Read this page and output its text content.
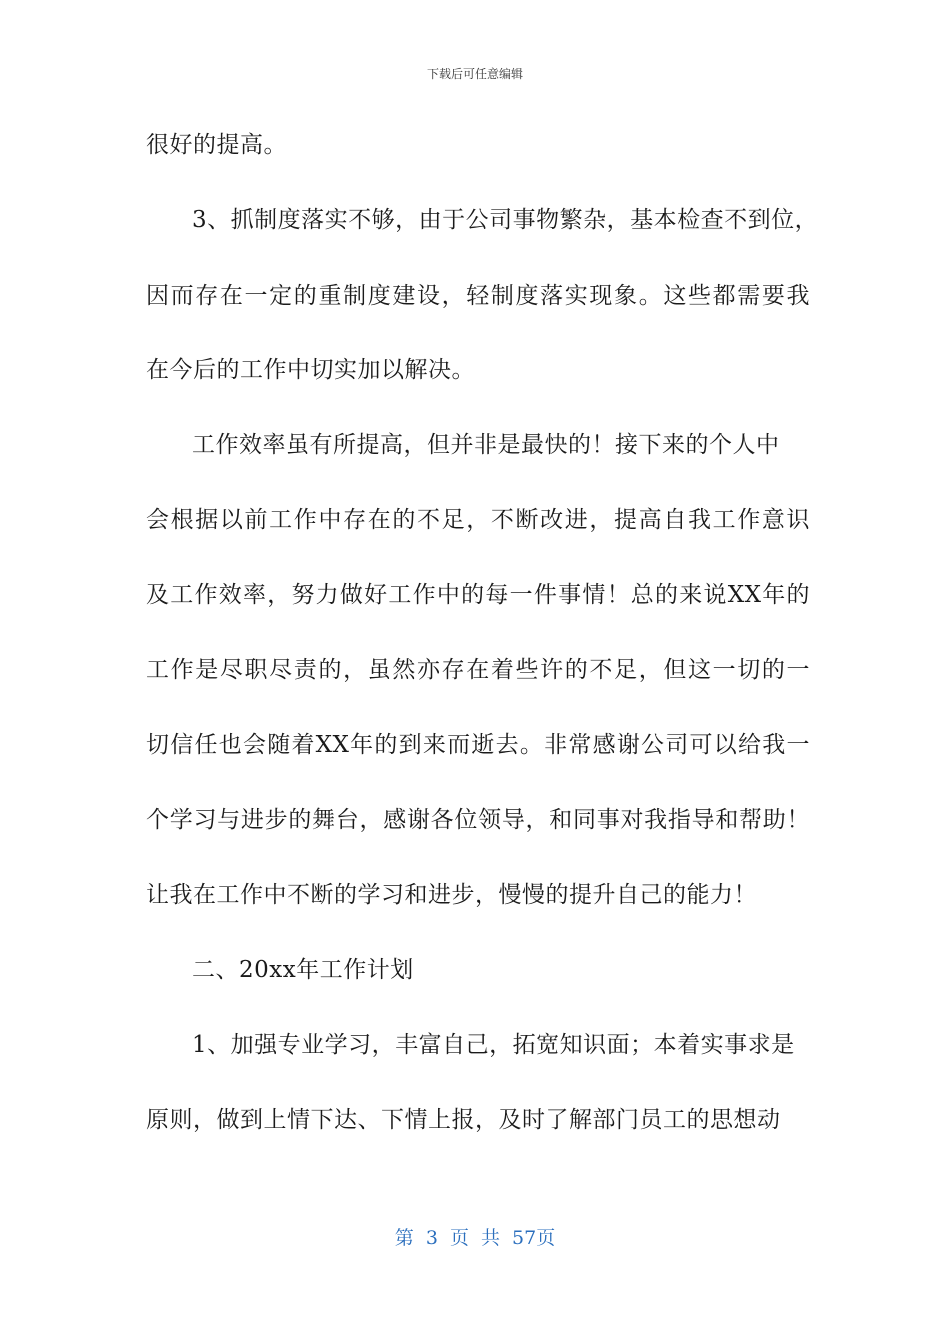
下载后可任意编辑
很好的提高。
3、抓制度落实不够，由于公司事物繁杂，基本检查不到位，
因而存在一定的重制度建设，轻制度落实现象。这些都需要我
在今后的工作中切实加以解决。
工作效率虽有所提高，但并非是最快的！接下来的个人中
会根据以前工作中存在的不足，不断改进，提高自我工作意识
及工作效率，努力做好工作中的每一件事情！总的来说XX年的
工作是尽职尽责的，虽然亦存在着些许的不足，但这一切的一
切信任也会随着XX年的到来而逝去。非常感谢公司可以给我一
个学习与进步的舞台，感谢各位领导，和同事对我指导和帮助！
让我在工作中不断的学习和进步，慢慢的提升自己的能力！
二、20xx年工作计划
1、加强专业学习，丰富自己，拓宽知识面；本着实事求是
原则，做到上情下达、下情上报，及时了解部门员工的思想动
第 3 页 共 57页
